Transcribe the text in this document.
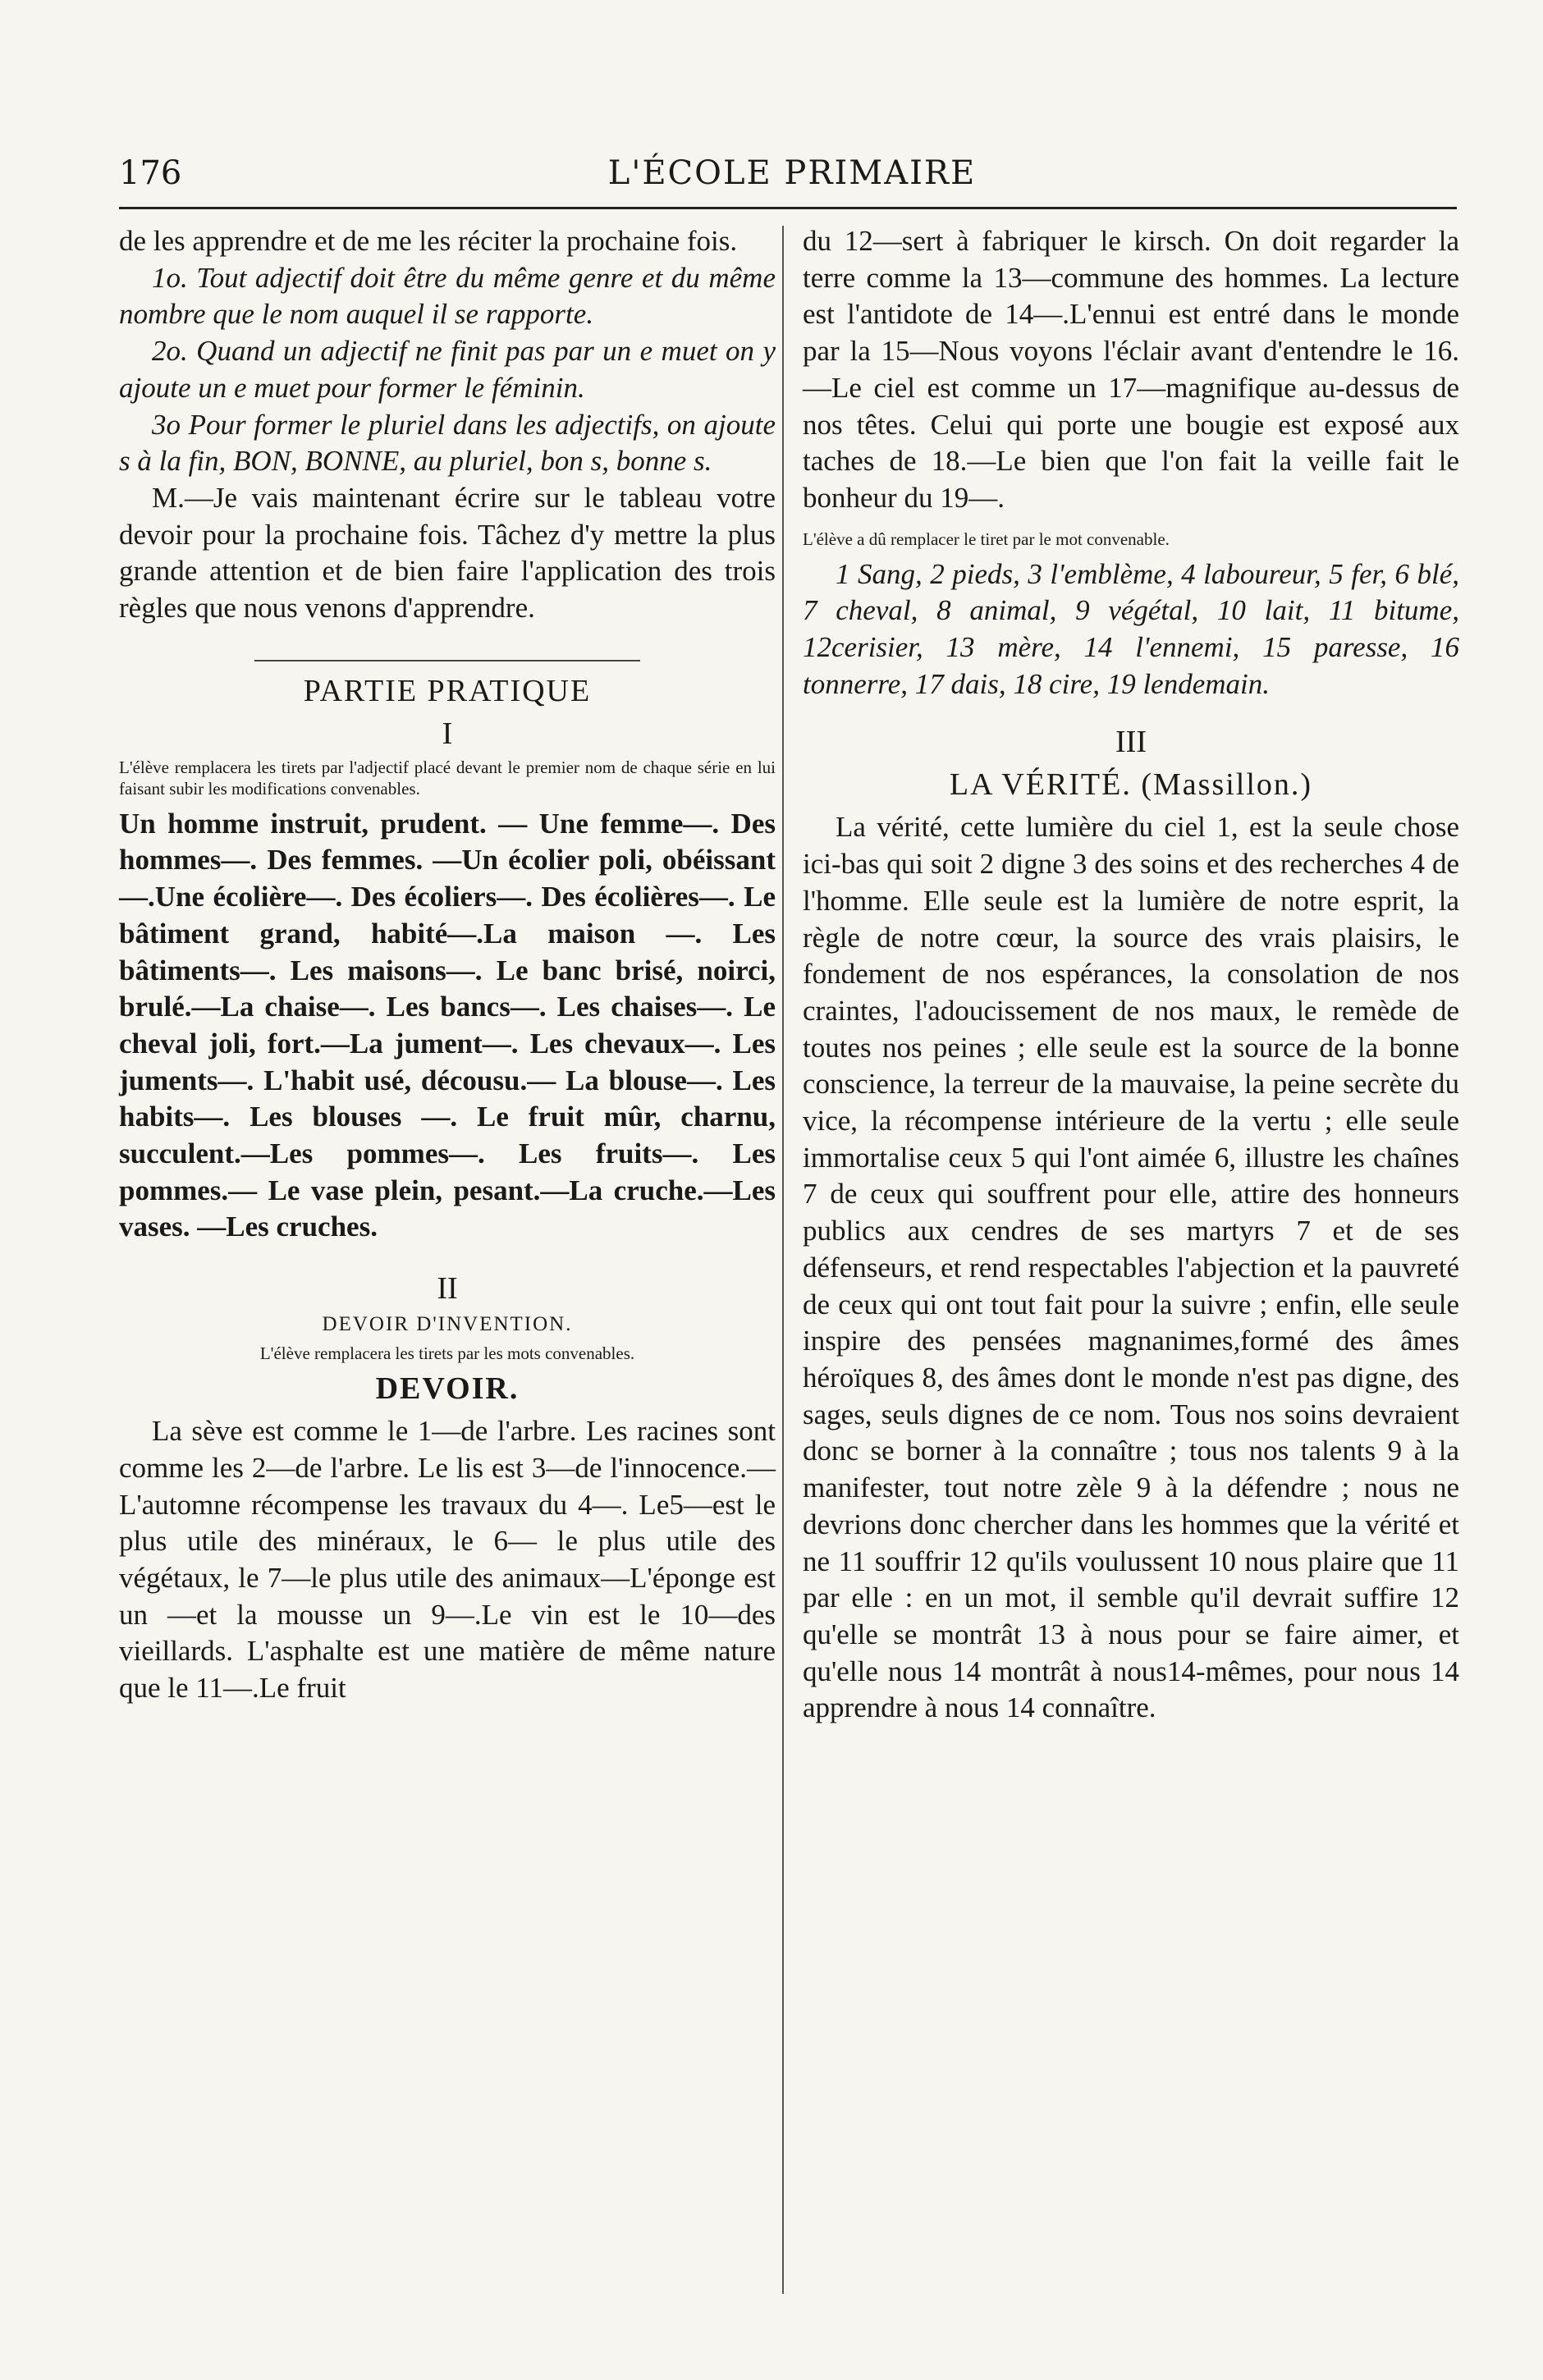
176	L'ÉCOLE PRIMAIRE

de les apprendre et de me les réciter la prochaine fois.

1o. Tout adjectif doit être du même genre et du même nombre que le nom auquel il se rapporte.

2o. Quand un adjectif ne finit pas par un e muet on y ajoute un e muet pour former le féminin.

3o Pour former le pluriel dans les adjectifs, on ajoute s à la fin, BON, BONNE, au pluriel, bon s, bonne s.

M.—Je vais maintenant écrire sur le tableau votre devoir pour la prochaine fois. Tâchez d'y mettre la plus grande attention et de bien faire l'application des trois règles que nous venons d'apprendre.

PARTIE PRATIQUE
I
L'élève remplacera les tirets par l'adjectif placé devant le premier nom de chaque série en lui faisant subir les modifications convenables.

Un homme instruit, prudent. — Une femme—. Des hommes—. Des femmes. —Un écolier poli, obéissant—.Une écolière—. Des écoliers—. Des écolières—. Le bâtiment grand, habité—.La maison —. Les bâtiments—. Les maisons—. Le banc brisé, noirci, brulé.—La chaise—. Les bancs—. Les chaises—. Le cheval joli, fort.—La jument—. Les chevaux—. Les juments—. L'habit usé, décousu.— La blouse—. Les habits—. Les blouses —. Le fruit mûr, charnu, succulent.—Les pommes—. Les fruits—. Les pommes.— Le vase plein, pesant.—La cruche.—Les vases. —Les cruches.

II
DEVOIR D'INVENTION.
L'élève remplacera les tirets par les mots convenables.
DEVOIR.

La sève est comme le 1—de l'arbre. Les racines sont comme les 2—de l'arbre. Le lis est 3—de l'innocence.—L'automne récompense les travaux du 4—. Le5—est le plus utile des minéraux, le 6— le plus utile des végétaux, le 7—le plus utile des animaux—L'éponge est un —et la mousse un 9—.Le vin est le 10—des vieillards. L'asphalte est une matière de même nature que le 11—.Le fruit

du 12—sert à fabriquer le kirsch. On doit regarder la terre comme la 13—commune des hommes. La lecture est l'antidote de 14—.L'ennui est entré dans le monde par la 15—Nous voyons l'éclair avant d'entendre le 16.—Le ciel est comme un 17—magnifique au-dessus de nos têtes. Celui qui porte une bougie est exposé aux taches de 18.—Le bien que l'on fait la veille fait le bonheur du 19—.

L'élève a dû remplacer le tiret par le mot convenable.

1 Sang, 2 pieds, 3 l'emblème, 4 laboureur, 5 fer, 6 blé, 7 cheval, 8 animal, 9 végétal, 10 lait, 11 bitume, 12cerisier, 13 mère, 14 l'ennemi, 15 paresse, 16 tonnerre, 17 dais, 18 cire, 19 lendemain.

III
LA VÉRITÉ. (Massillon.)

La vérité, cette lumière du ciel 1, est la seule chose ici-bas qui soit 2 digne 3 des soins et des recherches 4 de l'homme. Elle seule est la lumière de notre esprit, la règle de notre cœur, la source des vrais plaisirs, le fondement de nos espérances, la consolation de nos craintes, l'adoucissement de nos maux, le remède de toutes nos peines ; elle seule est la source de la bonne conscience, la terreur de la mauvaise, la peine secrète du vice, la récompense intérieure de la vertu ; elle seule immortalise ceux 5 qui l'ont aimée 6, illustre les chaînes 7 de ceux qui souffrent pour elle, attire des honneurs publics aux cendres de ses martyrs 7 et de ses défenseurs, et rend respectables l'abjection et la pauvreté de ceux qui ont tout fait pour la suivre ; enfin, elle seule inspire des pensées magnanimes,formé des âmes héroïques 8, des âmes dont le monde n'est pas digne, des sages, seuls dignes de ce nom. Tous nos soins devraient donc se borner à la connaître ; tous nos talents 9 à la manifester, tout notre zèle 9 à la défendre ; nous ne devrions donc chercher dans les hommes que la vérité et ne 11 souffrir 12 qu'ils voulussent 10 nous plaire que 11 par elle : en un mot, il semble qu'il devrait suffire 12 qu'elle se montrât 13 à nous pour se faire aimer, et qu'elle nous 14 montrât à nous14-mêmes, pour nous 14 apprendre à nous 14 connaître.
